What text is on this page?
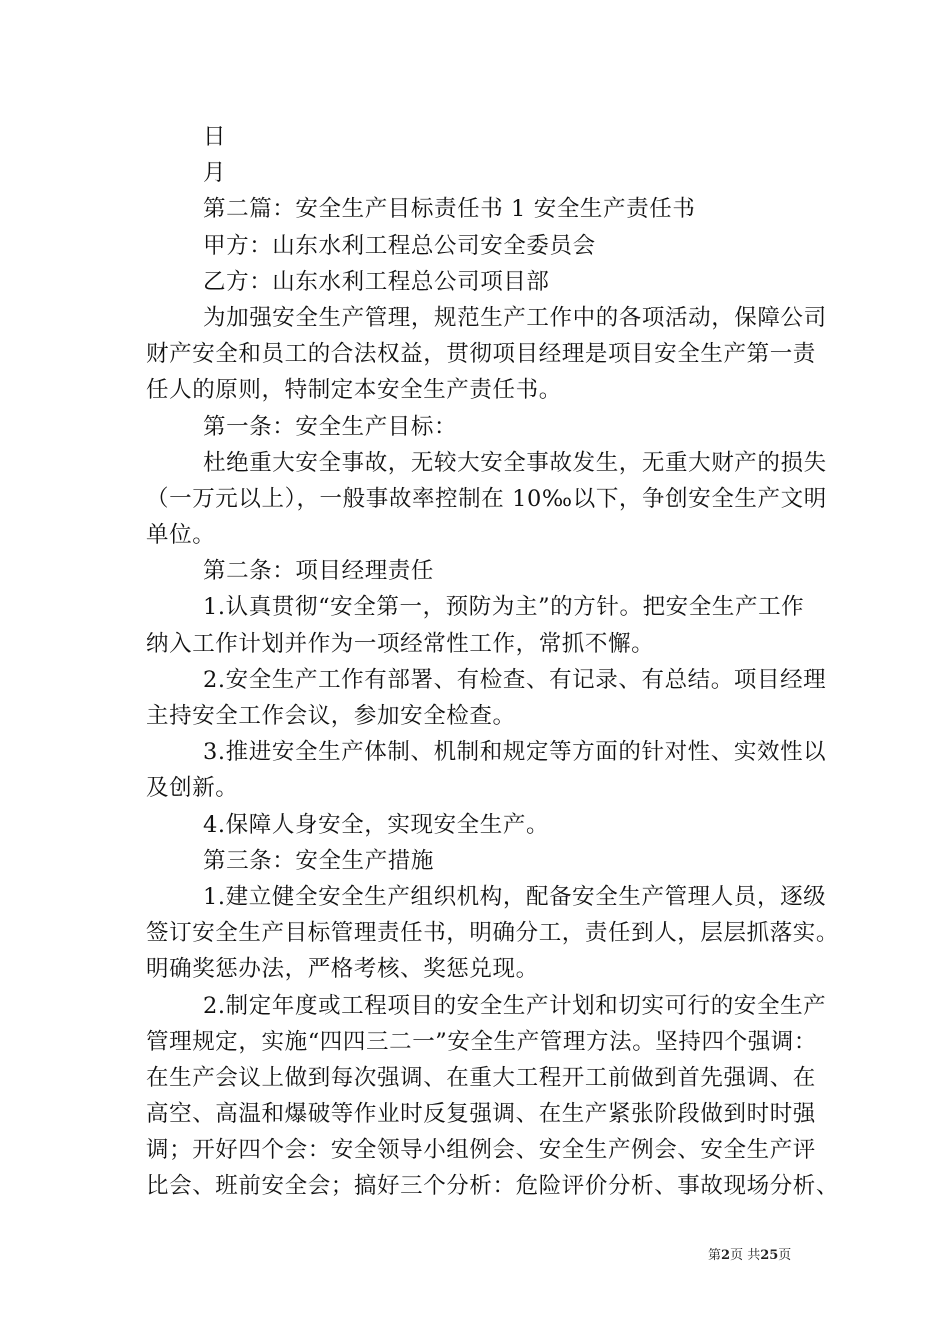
日
月
第二篇：安全生产目标责任书 1 安全生产责任书
甲方：山东水利工程总公司安全委员会
乙方：山东水利工程总公司项目部
为加强安全生产管理，规范生产工作中的各项活动，保障公司
财产安全和员工的合法权益，贯彻项目经理是项目安全生产第一责
任人的原则，特制定本安全生产责任书。
第一条：安全生产目标：
杜绝重大安全事故，无较大安全事故发生，无重大财产的损失
（一万元以上），一般事故率控制在 10‰以下，争创安全生产文明
单位。
第二条：项目经理责任
1.认真贯彻“安全第一，预防为主”的方针。把安全生产工作
纳入工作计划并作为一项经常性工作，常抓不懈。
2.安全生产工作有部署、有检查、有记录、有总结。项目经理
主持安全工作会议，参加安全检查。
3.推进安全生产体制、机制和规定等方面的针对性、实效性以
及创新。
4.保障人身安全，实现安全生产。
第三条：安全生产措施
1.建立健全安全生产组织机构，配备安全生产管理人员，逐级
签订安全生产目标管理责任书，明确分工，责任到人，层层抓落实。
明确奖惩办法，严格考核、奖惩兑现。
2.制定年度或工程项目的安全生产计划和切实可行的安全生产
管理规定，实施“四四三二一”安全生产管理方法。坚持四个强调：
在生产会议上做到每次强调、在重大工程开工前做到首先强调、在
高空、高温和爆破等作业时反复强调、在生产紧张阶段做到时时强
调；开好四个会：安全领导小组例会、安全生产例会、安全生产评
比会、班前安全会；搞好三个分析：危险评价分析、事故现场分析、
第2页 共25页
